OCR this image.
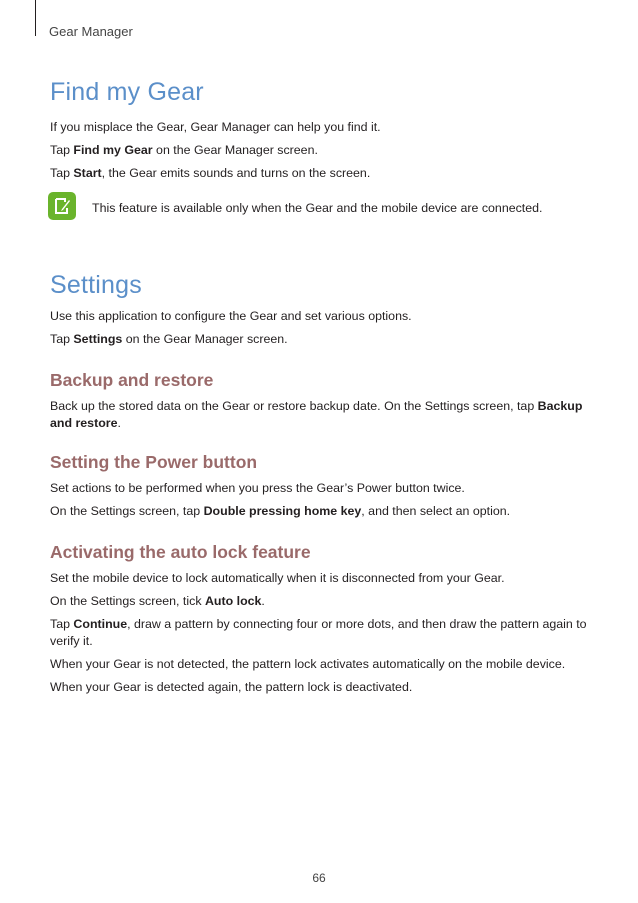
Gear Manager
Find my Gear

If you misplace the Gear, Gear Manager can help you find it.

Tap Find my Gear on the Gear Manager screen.

Tap Start, the Gear emits sounds and turns on the screen.

This feature is available only when the Gear and the mobile device are connected.

Settings

Use this application to configure the Gear and set various options.

Tap Settings on the Gear Manager screen.

Backup and restore

Back up the stored data on the Gear or restore backup date. On the Settings screen, tap Backup and restore.

Setting the Power button

Set actions to be performed when you press the Gear’s Power button twice.

On the Settings screen, tap Double pressing home key, and then select an option.

Activating the auto lock feature

Set the mobile device to lock automatically when it is disconnected from your Gear.

On the Settings screen, tick Auto lock.

Tap Continue, draw a pattern by connecting four or more dots, and then draw the pattern again to verify it.

When your Gear is not detected, the pattern lock activates automatically on the mobile device.

When your Gear is detected again, the pattern lock is deactivated.

66
